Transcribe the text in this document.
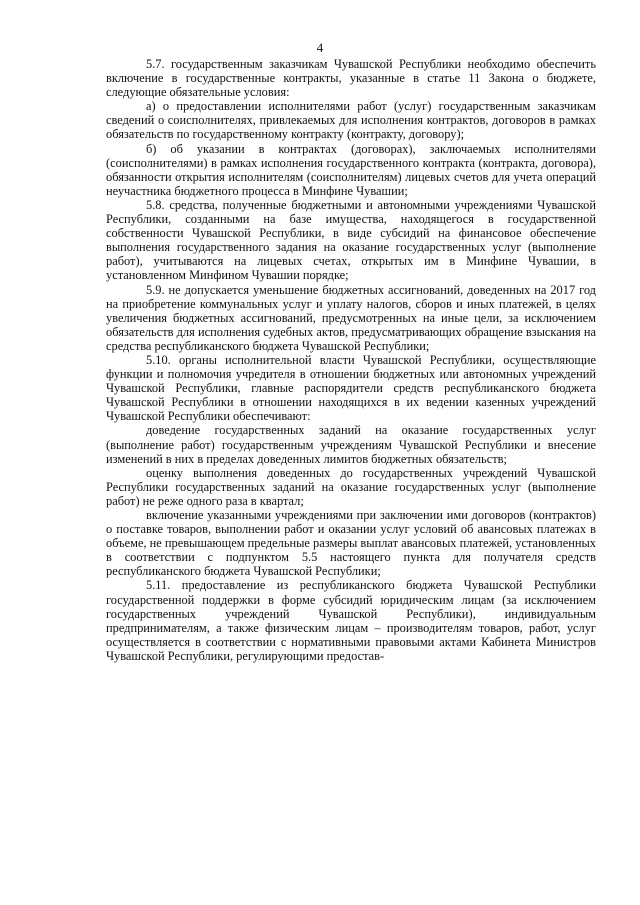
4

5.7. государственным заказчикам Чувашской Республики необходимо обеспечить включение в государственные контракты, указанные в статье 11 Закона о бюджете, следующие обязательные условия:

а) о предоставлении исполнителями работ (услуг) государственным заказчикам сведений о соисполнителях, привлекаемых для исполнения контрактов, договоров в рамках обязательств по государственному контракту (контракту, договору);

б) об указании в контрактах (договорах), заключаемых исполнителями (соисполнителями) в рамках исполнения государственного контракта (контракта, договора), обязанности открытия исполнителям (соисполнителям) лицевых счетов для учета операций неучастника бюджетного процесса в Минфине Чувашии;

5.8. средства, полученные бюджетными и автономными учреждениями Чувашской Республики, созданными на базе имущества, находящегося в государственной собственности Чувашской Республики, в виде субсидий на финансовое обеспечение выполнения государственного задания на оказание государственных услуг (выполнение работ), учитываются на лицевых счетах, открытых им в Минфине Чувашии, в установленном Минфином Чувашии порядке;

5.9. не допускается уменьшение бюджетных ассигнований, доведенных на 2017 год на приобретение коммунальных услуг и уплату налогов, сборов и иных платежей, в целях увеличения бюджетных ассигнований, предусмотренных на иные цели, за исключением обязательств для исполнения судебных актов, предусматривающих обращение взыскания на средства республиканского бюджета Чувашской Республики;

5.10. органы исполнительной власти Чувашской Республики, осуществляющие функции и полномочия учредителя в отношении бюджетных или автономных учреждений Чувашской Республики, главные распорядители средств республиканского бюджета Чувашской Республики в отношении находящихся в их ведении казенных учреждений Чувашской Республики обеспечивают:

доведение государственных заданий на оказание государственных услуг (выполнение работ) государственным учреждениям Чувашской Республики и внесение изменений в них в пределах доведенных лимитов бюджетных обязательств;

оценку выполнения доведенных до государственных учреждений Чувашской Республики государственных заданий на оказание государственных услуг (выполнение работ) не реже одного раза в квартал;

включение указанными учреждениями при заключении ими договоров (контрактов) о поставке товаров, выполнении работ и оказании услуг условий об авансовых платежах в объеме, не превышающем предельные размеры выплат авансовых платежей, установленных в соответствии с подпунктом 5.5 настоящего пункта для получателя средств республиканского бюджета Чувашской Республики;

5.11. предоставление из республиканского бюджета Чувашской Республики государственной поддержки в форме субсидий юридическим лицам (за исключением государственных учреждений Чувашской Республики), индивидуальным предпринимателям, а также физическим лицам – производителям товаров, работ, услуг осуществляется в соответствии с нормативными правовыми актами Кабинета Министров Чувашской Республики, регулирующими предостав-
